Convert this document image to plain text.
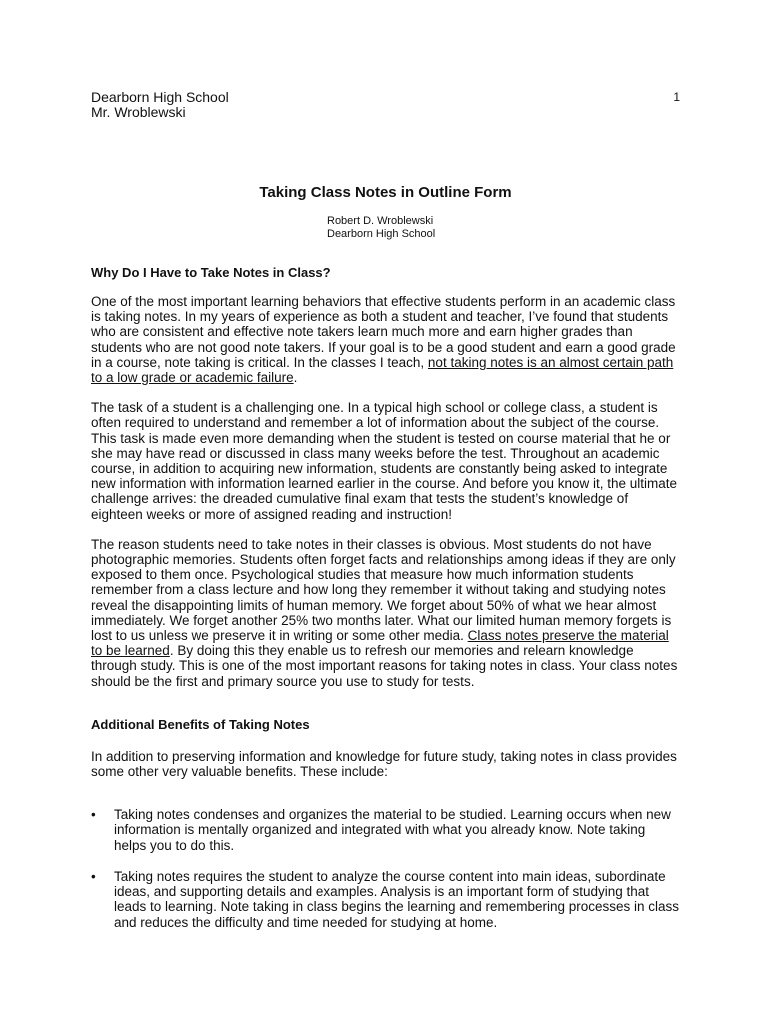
Dearborn High School
Mr. Wroblewski
1
Taking Class Notes in Outline Form
Robert D. Wroblewski
Dearborn High School
Why Do I Have to Take Notes in Class?

One of the most important learning behaviors that effective students perform in an academic class is taking notes. In my years of experience as both a student and teacher, I’ve found that students who are consistent and effective note takers learn much more and earn higher grades than students who are not good note takers. If your goal is to be a good student and earn a good grade in a course, note taking is critical. In the classes I teach, not taking notes is an almost certain path to a low grade or academic failure.

The task of a student is a challenging one. In a typical high school or college class, a student is often required to understand and remember a lot of information about the subject of the course. This task is made even more demanding when the student is tested on course material that he or she may have read or discussed in class many weeks before the test. Throughout an academic course, in addition to acquiring new information, students are constantly being asked to integrate new information with information learned earlier in the course. And before you know it, the ultimate challenge arrives: the dreaded cumulative final exam that tests the student’s knowledge of eighteen weeks or more of assigned reading and instruction!

The reason students need to take notes in their classes is obvious. Most students do not have photographic memories. Students often forget facts and relationships among ideas if they are only exposed to them once. Psychological studies that measure how much information students remember from a class lecture and how long they remember it without taking and studying notes reveal the disappointing limits of human memory. We forget about 50% of what we hear almost immediately. We forget another 25% two months later. What our limited human memory forgets is lost to us unless we preserve it in writing or some other media. Class notes preserve the material to be learned. By doing this they enable us to refresh our memories and relearn knowledge through study. This is one of the most important reasons for taking notes in class. Your class notes should be the first and primary source you use to study for tests.

Additional Benefits of Taking Notes

In addition to preserving information and knowledge for future study, taking notes in class provides some other very valuable benefits. These include:

• Taking notes condenses and organizes the material to be studied. Learning occurs when new information is mentally organized and integrated with what you already know. Note taking helps you to do this.
• Taking notes requires the student to analyze the course content into main ideas, subordinate ideas, and supporting details and examples. Analysis is an important form of studying that leads to learning. Note taking in class begins the learning and remembering processes in class and reduces the difficulty and time needed for studying at home.
